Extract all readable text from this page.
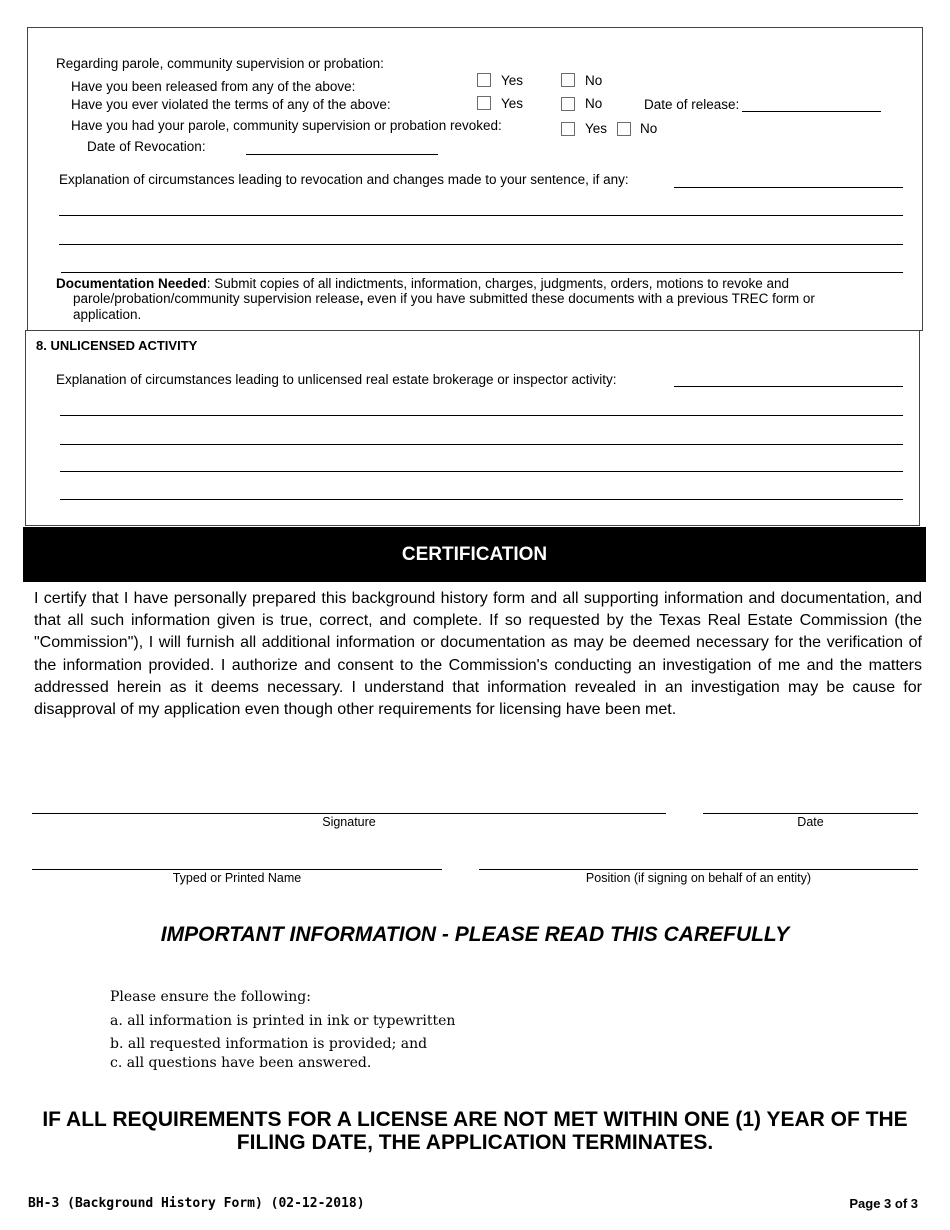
Regarding parole, community supervision or probation:
Have you been released from any of the above:	Yes	No
Have you ever violated the terms of any of the above:	Yes	No	Date of release:
Have you had your parole, community supervision or probation revoked:	Yes No
Date of Revocation:
Explanation of circumstances leading to revocation and changes made to your sentence, if any:
Documentation Needed: Submit copies of all indictments, information, charges, judgments, orders, motions to revoke and
parole/probation/community supervision release, even if you have submitted these documents with a previous TREC form or
application.
8. UNLICENSED ACTIVITY
Explanation of circumstances leading to unlicensed real estate brokerage or inspector activity:
CERTIFICATION
I certify that I have personally prepared this background history form and all supporting information and documentation, and that all such information given is true, correct, and complete. If so requested by the Texas Real Estate Commission (the "Commission"), I will furnish all additional information or documentation as may be deemed necessary for the verification of the information provided. I authorize and consent to the Commission's conducting an investigation of me and the matters addressed herein as it deems necessary. I understand that information revealed in an investigation may be cause for disapproval of my application even though other requirements for licensing have been met.
Signature	Date
Typed or Printed Name	Position (if signing on behalf of an entity)
IMPORTANT INFORMATION - PLEASE READ THIS CAREFULLY
Please ensure the following:
a. all information is printed in ink or typewritten
b. all requested information is provided; and
c. all questions have been answered.
IF ALL REQUIREMENTS FOR A LICENSE ARE NOT MET WITHIN ONE (1) YEAR OF THE
FILING DATE, THE APPLICATION TERMINATES.
BH-3 (Background History Form) (02-12-2018)	Page 3 of 3
